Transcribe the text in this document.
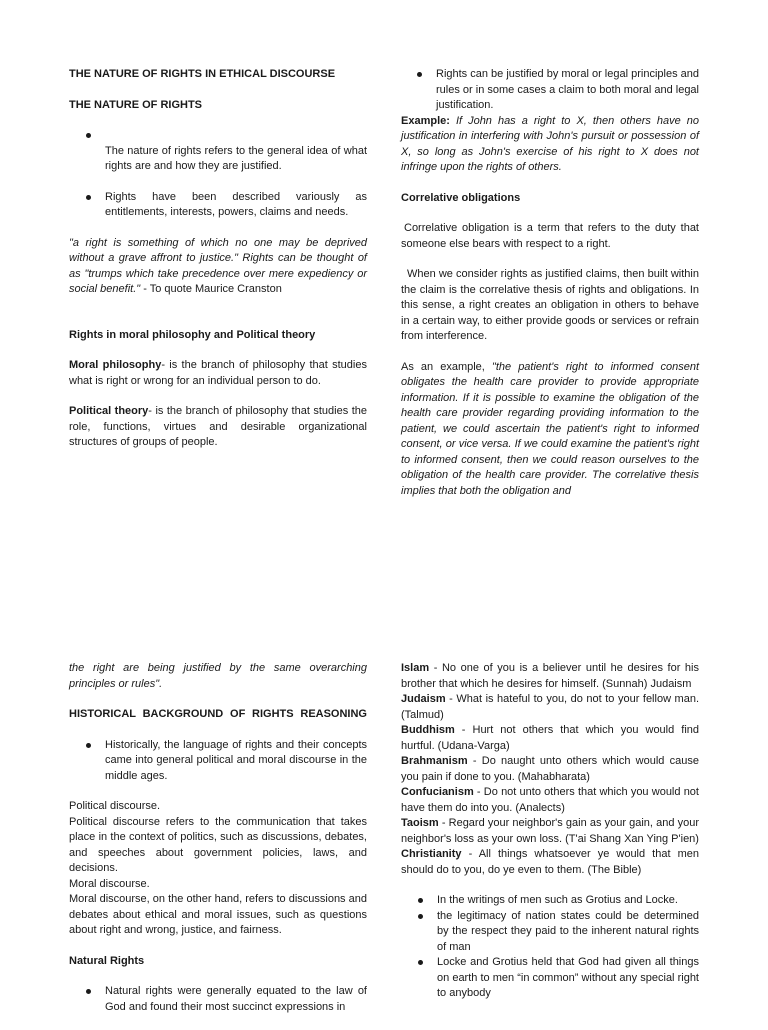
THE NATURE OF RIGHTS IN ETHICAL DISCOURSE
THE NATURE OF RIGHTS
The nature of rights refers to the general idea of what rights are and how they are justified.
Rights have been described variously as entitlements, interests, powers, claims and needs.

"a right is something of which no one may be deprived without a grave affront to justice." Rights can be thought of as "trumps which take precedence over mere expediency or social benefit." - To quote Maurice Cranston

Rights in moral philosophy and Political theory

Moral philosophy- is the branch of philosophy that studies what is right or wrong for an individual person to do.

Political theory- is the branch of philosophy that studies the role, functions, virtues and desirable organizational structures of groups of people.

Rights can be justified by moral or legal principles and rules or in some cases a claim to both moral and legal justification.

Example: If John has a right to X, then others have no justification in interfering with John's pursuit or possession of X, so long as John's exercise of his right to X does not infringe upon the rights of others.

Correlative obligations

Correlative obligation is a term that refers to the duty that someone else bears with respect to a right.

When we consider rights as justified claims, then built within the claim is the correlative thesis of rights and obligations. In this sense, a right creates an obligation in others to behave in a certain way, to either provide goods or services or refrain from interference.

As an example, "the patient's right to informed consent obligates the health care provider to provide appropriate information. If it is possible to examine the obligation of the health care provider regarding providing information to the patient, we could ascertain the patient's right to informed consent, or vice versa. If we could examine the patient's right to informed consent, then we could reason ourselves to the obligation of the health care provider. The correlative thesis implies that both the obligation and

the right are being justified by the same overarching principles or rules".

HISTORICAL BACKGROUND OF RIGHTS REASONING
Historically, the language of rights and their concepts came into general political and moral discourse in the middle ages.

Political discourse.

Political discourse refers to the communication that takes place in the context of politics, such as discussions, debates, and speeches about government policies, laws, and decisions.

Moral discourse.

Moral discourse, on the other hand, refers to discussions and debates about ethical and moral issues, such as questions about right and wrong, justice, and fairness.

Natural Rights
Natural rights were generally equated to the law of God and found their most succinct expressions in

Islam - No one of you is a believer until he desires for his brother that which he desires for himself. (Sunnah) Judaism

Judaism - What is hateful to you, do not to your fellow man. (Talmud)

Buddhism - Hurt not others that which you would find hurtful. (Udana-Varga)

Brahmanism - Do naught unto others which would cause you pain if done to you. (Mahabharata)

Confucianism - Do not unto others that which you would not have them do into you. (Analects)

Taoism - Regard your neighbor's gain as your gain, and your neighbor's loss as your own loss. (T'ai Shang Xan Ying P'ien)

Christianity - All things whatsoever ye would that men should do to you, do ye even to them. (The Bible)

In the writings of men such as Grotius and Locke.
the legitimacy of nation states could be determined by the respect they paid to the inherent natural rights of man
Locke and Grotius held that God had given all things on earth to men “in common” without any special right to anybody
